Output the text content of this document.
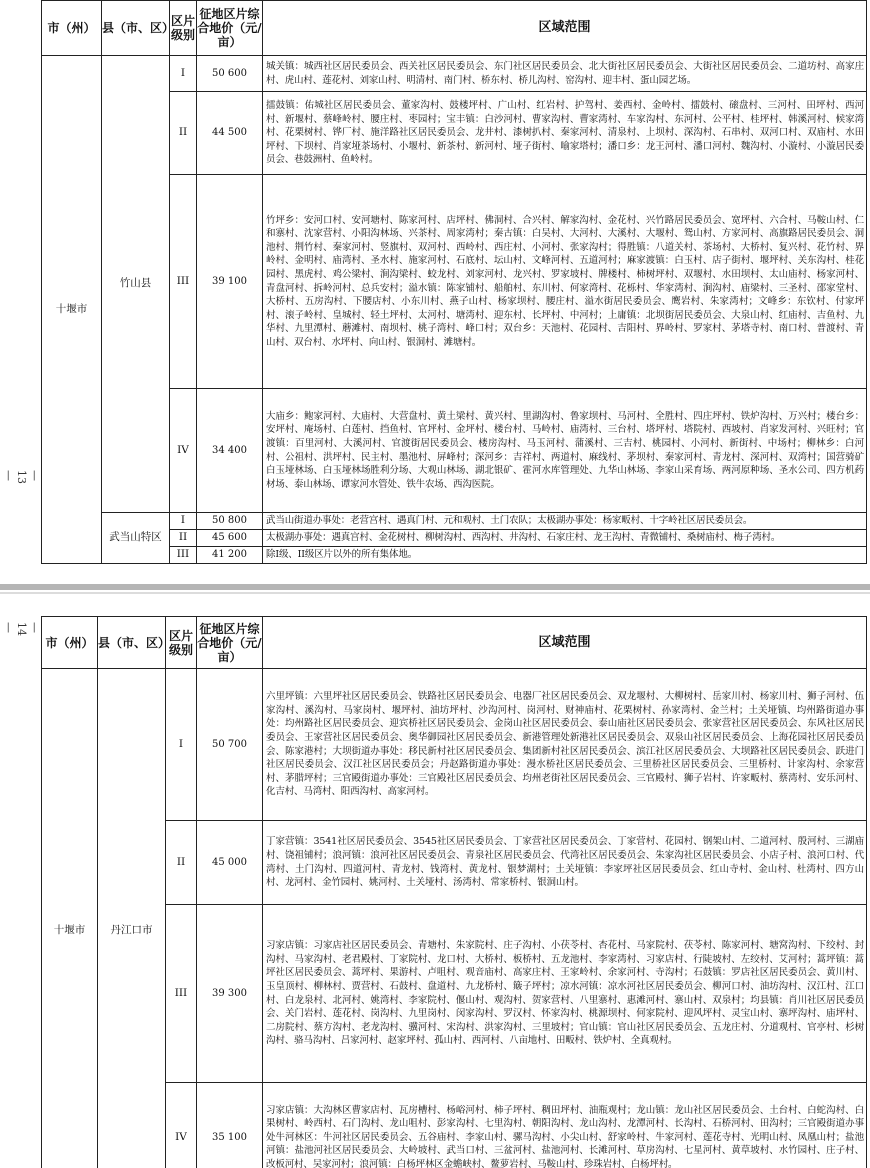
—
13
—
市（州）	县（市、区）	区片级别	征地区片综合地价（元/亩）	区域范围
十堰市	竹山县	I	50 600	城关镇：城西社区居民委员会、西关社区居民委员会、东门社区居民委员会、北大街社区居民委员会、大街社区居民委员会、二道坊村、高家庄村、虎山村、莲花村、刘家山村、明清村、南门村、桥东村、桥儿沟村、窑沟村、迎丰村、蛋山园艺场。
		II	44 500	擂鼓镇：佑城社区居民委员会、董家沟村、鼓楼坪村、广山村、红岩村、护驾村、姜西村、金岭村、擂鼓村、磙盘村、三河村、田坪村、西河村、新堰村、蔡峰岭村、腰庄村、枣园村；宝丰镇：白沙河村、曹家沟村、曹家湾村、车家沟村、东河村、公平村、桂坪村、韩溪河村、候家湾村、花栗树村、铧厂村、施洋路社区居民委员会、龙井村、漆树扒村、秦家河村、清泉村、上坝村、深沟村、石串村、双河口村、双庙村、水田坪村、下坝村、肖家垭茶场村、小堰村、新茶村、新河村、垭子街村、喻家塔村；潘口乡：龙王河村、潘口河村、魏沟村、小漩村、小漩居民委员会、巷鼓洲村、鱼岭村。
		III	39 100	竹坪乡：安河口村、安河塘村、陈家河村、店坪村、佛洞村、合兴村、解家沟村、金花村、兴竹路居民委员会、宽坪村、六合村、马鞍山村、仁和寨村、沈家营村、小阳沟林场、兴茶村、周家湾村；秦古镇：白吴村、大河村、大溪村、大堰村、鸳山村、方家河村、高旗路居民委员会、洞池村、荆竹村、秦家河村、竖旗村、双河村、西岭村、西庄村、小河村、张家沟村；得胜镇：八道关村、茶场村、大桥村、复兴村、花竹村、界岭村、金明村、庙湾村、圣水村、施家河村、石底村、坛山村、文峰河村、五道河村；麻家渡镇：白玉村、店子街村、堰坪村、关东沟村、桂花园村、黑虎村、鸡公梁村、涧沟梁村、蛟龙村、刘家河村、龙兴村、罗家坡村、牌楼村、柿树坪村、双堰村、水田坝村、太山庙村、杨家河村、青盘河村、拆岭河村、总兵安村；溢水镇：陈家铺村、船舶村、东川村、何家湾村、花栎村、华家湾村、涧沟村、庙梁村、三圣村、邵家堂村、大桥村、五房沟村、下腰店村、小东川村、燕子山村、杨家坝村、腰庄村、溢水街居民委员会、鹰岩村、朱家湾村；文峰乡：东钦村、付家坪村、滚子岭村、皇城村、轻土坪村、太河村、塘湾村、迎东村、长坪村、中河村；上庸镇：北坝街居民委员会、大泉山村、红庙村、吉鱼村、九华村、九里潭村、蘑滩村、南坝村、桃子湾村、峰口村；双台乡：天池村、花园村、吉阳村、界岭村、罗家村、茅塔寺村、南口村、普渡村、青山村、双台村、水坪村、向山村、银洞村、滩塘村。
		IV	34 400	大庙乡：鲍家河村、大庙村、大营盘村、黄土梁村、黄兴村、里湖沟村、鲁家坝村、马河村、全胜村、四庄坪村、铁炉沟村、万兴村；楼台乡：安坪村、庵场村、白莲村、挡鱼村、官坪村、金坪村、楼台村、马岭村、庙湾村、三台村、塔坪村、塔院村、西坡村、肖家发河村、兴旺村；官渡镇：百里河村、大溪河村、官渡街居民委员会、楼房沟村、马玉河村、蒲溪村、三吉村、桃园村、小河村、新街村、中场村；柳林乡：白河村、公祖村、洪坪村、民主村、墨池村、屏峰村；深河乡：吉祥村、两道村、麻线村、茅坝村、秦家河村、青龙村、深河村、双湾村；国营骑矿白玉垭林场、白玉垭林场胜利分场、大观山林场、湖北银矿、霍河水库管理处、九华山林场、李家山采育场、两河原种场、圣水公司、四方机药材场、泰山林场、谭家河水管处、铁牛农场、西沟医院。
	武当山特区	I	50 800	武当山街道办事处：老营宫村、遇真门村、元和观村、土门农队；太极湖办事处：杨家畈村、十字岭社区居民委员会。
		II	45 600	太极湖办事处：遇真宫村、金花树村、柳树沟村、西沟村、井沟村、石家庄村、龙王沟村、青微铺村、桑树庙村、梅子湾村。
		III	41 200	除I级、II级区片以外的所有集体地。
—
14
—
市（州）	县（市、区）	区片级别	征地区片综合地价（元/亩）	区域范围
十堰市	丹江口市	I	50 700	六里坪镇：六里坪社区居民委员会、铁路社区居民委员会、电器厂社区居民委员会、双龙堰村、大柳树村、岳家川村、杨家川村、狮子河村、伍家沟村、溪沟村、马家岗村、堰坪村、油坊坪村、沙沟河村、岗河村、财神庙村、花栗树村、孙家湾村、金兰村；土关垭镇、均州路街道办事处：均州路社区居民委员会、迎宾桥社区居民委员会、金岗山社区居民委员会、泰山庙社区居民委员会、张家营社区居民委员会、东风社区居民委员会、王家营社区居民委员会、奥华御园社区居民委员会、新港管理处新港社区居民委员会、双泉山社区居民委员会、上海花园社区居民委员会、陈家港村；大坝街道办事处：移民新村社区居民委员会、集团新村社区居民委员会、滨江社区居民委员会、大坝路社区居民委员会、跃进门社区居民委员会、汉江社区居民委员会；丹赵路街道办事处：漫水桥社区居民委员会、三里桥社区居民委员会、三里桥村、计家沟村、余家营村、茅腊坪村；三官殿街道办事处：三官殿社区居民委员会、均州老街社区居民委员会、三官殿村、狮子岩村、许家畈村、蔡湾村、安乐河村、化吉村、马湾村、阳西沟村、高家河村。
		II	45 000	丁家营镇：3541社区居民委员会、3545社区居民委员会、丁家营社区居民委员会、丁家营村、花园村、钢架山村、二道河村、殷河村、三湖庙村、饶祖铺村；浪河镇：浪河社区居民委员会、青泉社区居民委员会、代湾社区居民委员会、朱家沟社区居民委员会、小店子村、浪河口村、代湾村、土门沟村、四道河村、青龙村、钱湾村、黄龙村、银梦湖村；土关垭镇：李家坪社区居民委员会、红山寺村、金山村、杜湾村、四方山村、龙河村、金竹园村、姚河村、土关垭村、汤湾村、常家桥村、银洞山村。
		III	39 300	习家店镇：习家店社区居民委员会、青塘村、朱家院村、庄子沟村、小茯苓村、杏花村、马家院村、茯苓村、陈家河村、塘窝沟村、下绞村、封沟村、马家沟村、老君殿村、丁家院村、龙口村、大桥村、板桥村、五龙池村、李家湾村、习家店村、行陡坡村、左绞村、艾河村；蒿坪镇：蒿坪社区居民委员会、蒿坪村、果游村、卢咀村、观音庙村、高家庄村、王家岭村、余家河村、寺沟村；石鼓镇：罗店社区居民委员会、黄川村、玉皇顶村、柳林村、贾营村、石鼓村、盘道村、九龙桥村、簸子坪村；凉水河镇：凉水河社区居民委员会、柳河口村、油坊沟村、汉江村、江口村、白龙泉村、北河村、姚湾村、李家院村、偃山村、观沟村、贺家营村、八里寨村、惠滩河村、寨山村、双泉村；均县镇：肖川社区居民委员会、关门岩村、莲花村、岗沟村、九里岗村、闵家沟村、罗汉村、怀家沟村、桃源坝村、何家院村、迎风坪村、灵宝山村、寨坪沟村、庙坪村、二房院村、蔡方沟村、老龙沟村、骥河村、宋沟村、洪家沟村、三里坡村；官山镇：官山社区居民委员会、五龙庄村、分道观村、官亭村、杉树沟村、骆马沟村、吕家河村、赵家坪村、孤山村、西河村、八亩地村、田畈村、铁炉村、全真观村。
		IV	35 100	习家店镇：大沟林区曹家店村、瓦房槽村、杨峪河村、柿子坪村、稠田坪村、油瓶观村；龙山镇：龙山社区居民委员会、土台村、白蛇沟村、白果树村、岭西村、石门沟村、龙山咀村、彭家沟村、七里沟村、朝阳沟村、龙山沟村、龙潭河村、长沟村、石桥河村、田沟村；三官殿街道办事处牛河林区：牛河社区居民委员会、五谷庙村、李家山村、骡马沟村、小尖山村、舒家岭村、牛家河村、莲花寺村、光明山村、凤凰山村；盐池河镇：盐池河社区居民委员会、大岭坡村、武当口村、三盆河村、盐池河村、长滩河村、草房沟村、七星河村、黄草坡村、水竹园村、庄子村、改板河村、吴家河村；浪河镇：白杨坪林区金蟾峡村、鳌萝岩村、马鞍山村、珍珠岩村、白杨坪村。
